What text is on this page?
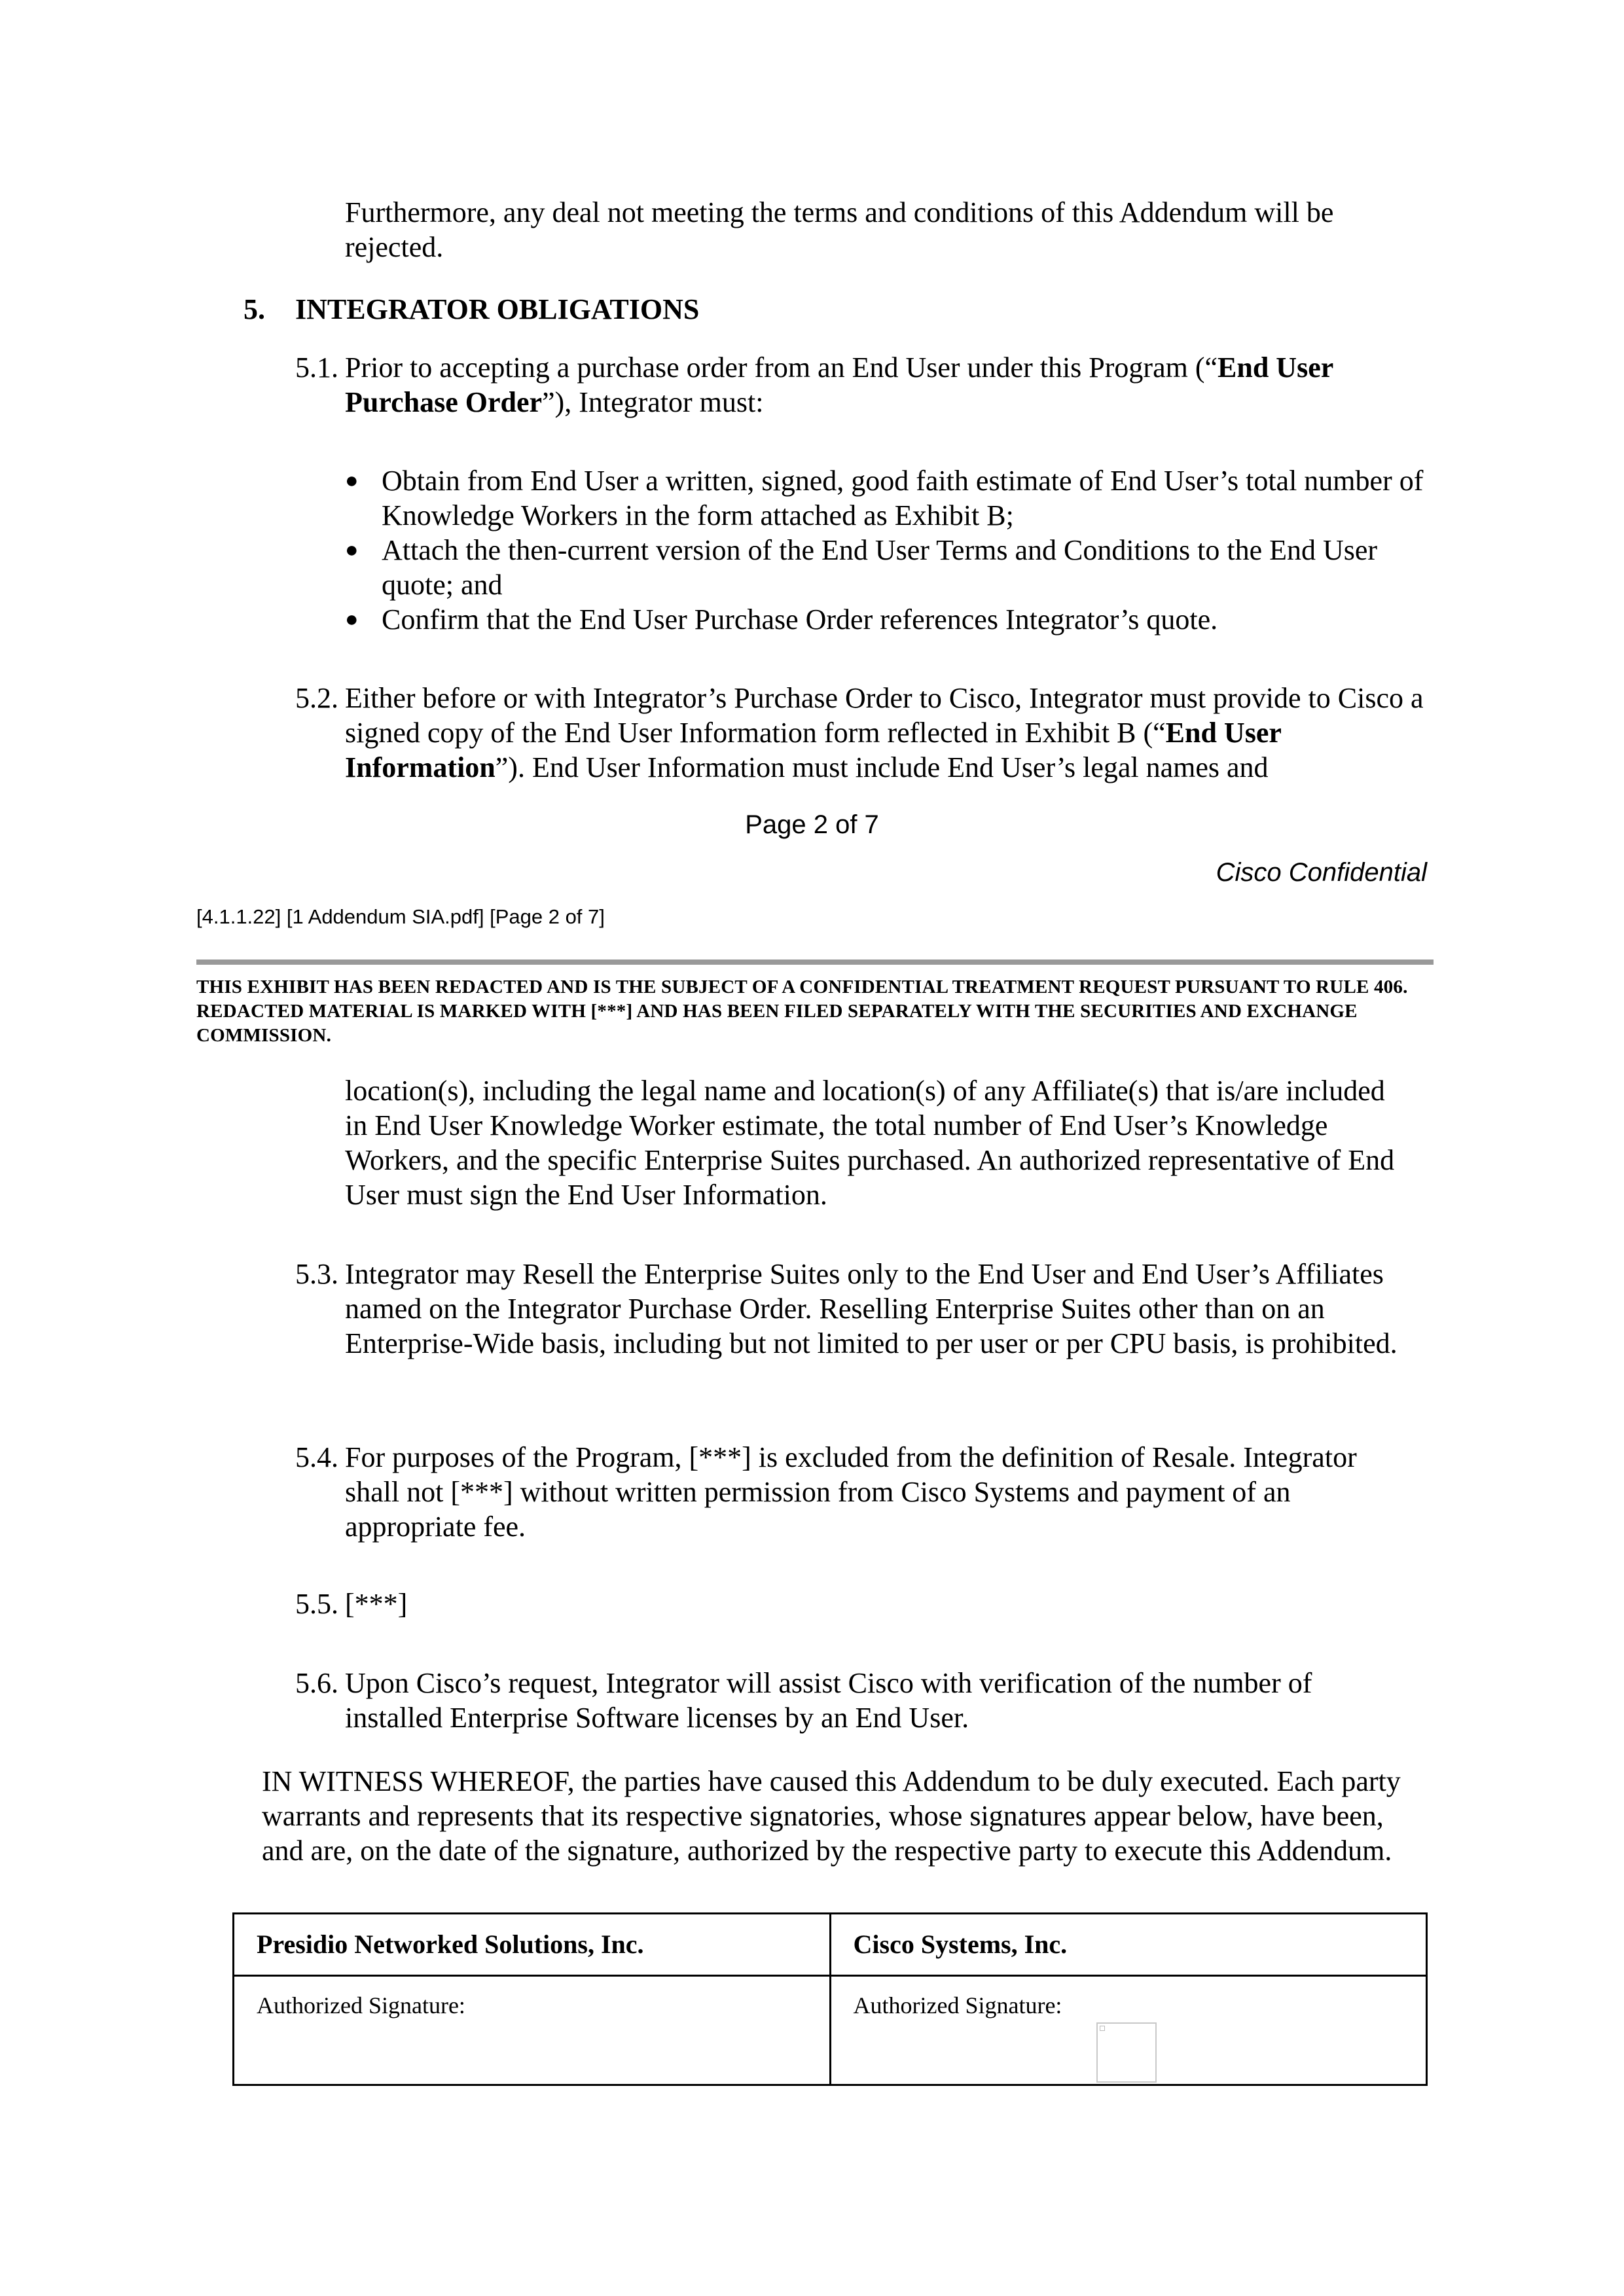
Furthermore, any deal not meeting the terms and conditions of this Addendum will be rejected.

5. INTEGRATOR OBLIGATIONS
5.1. Prior to accepting a purchase order from an End User under this Program (“End User Purchase Order”), Integrator must:

● Obtain from End User a written, signed, good faith estimate of End User’s total number of Knowledge Workers in the form attached as Exhibit B;
● Attach the then-current version of the End User Terms and Conditions to the End User quote; and
● Confirm that the End User Purchase Order references Integrator’s quote.
5.2. Either before or with Integrator’s Purchase Order to Cisco, Integrator must provide to Cisco a signed copy of the End User Information form reflected in Exhibit B (“End User Information”). End User Information must include End User’s legal names and

Page 2 of 7
Cisco Confidential
[4.1.1.22] [1 Addendum SIA.pdf] [Page 2 of 7]
THIS EXHIBIT HAS BEEN REDACTED AND IS THE SUBJECT OF A CONFIDENTIAL TREATMENT REQUEST PURSUANT TO RULE 406. REDACTED MATERIAL IS MARKED WITH [***] AND HAS BEEN FILED SEPARATELY WITH THE SECURITIES AND EXCHANGE COMMISSION.

location(s), including the legal name and location(s) of any Affiliate(s) that is/are included in End User Knowledge Worker estimate, the total number of End User’s Knowledge Workers, and the specific Enterprise Suites purchased. An authorized representative of End User must sign the End User Information.

5.3. Integrator may Resell the Enterprise Suites only to the End User and End User’s Affiliates named on the Integrator Purchase Order. Reselling Enterprise Suites other than on an Enterprise-Wide basis, including but not limited to per user or per CPU basis, is prohibited.

5.4. For purposes of the Program, [***] is excluded from the definition of Resale. Integrator shall not [***] without written permission from Cisco Systems and payment of an appropriate fee.

5.5. [***]

5.6. Upon Cisco’s request, Integrator will assist Cisco with verification of the number of installed Enterprise Software licenses by an End User.

IN WITNESS WHEREOF, the parties have caused this Addendum to be duly executed. Each party warrants and represents that its respective signatories, whose signatures appear below, have been, and are, on the date of the signature, authorized by the respective party to execute this Addendum.

Presidio Networked Solutions, Inc.	Cisco Systems, Inc.
Authorized Signature:	Authorized Signature:
